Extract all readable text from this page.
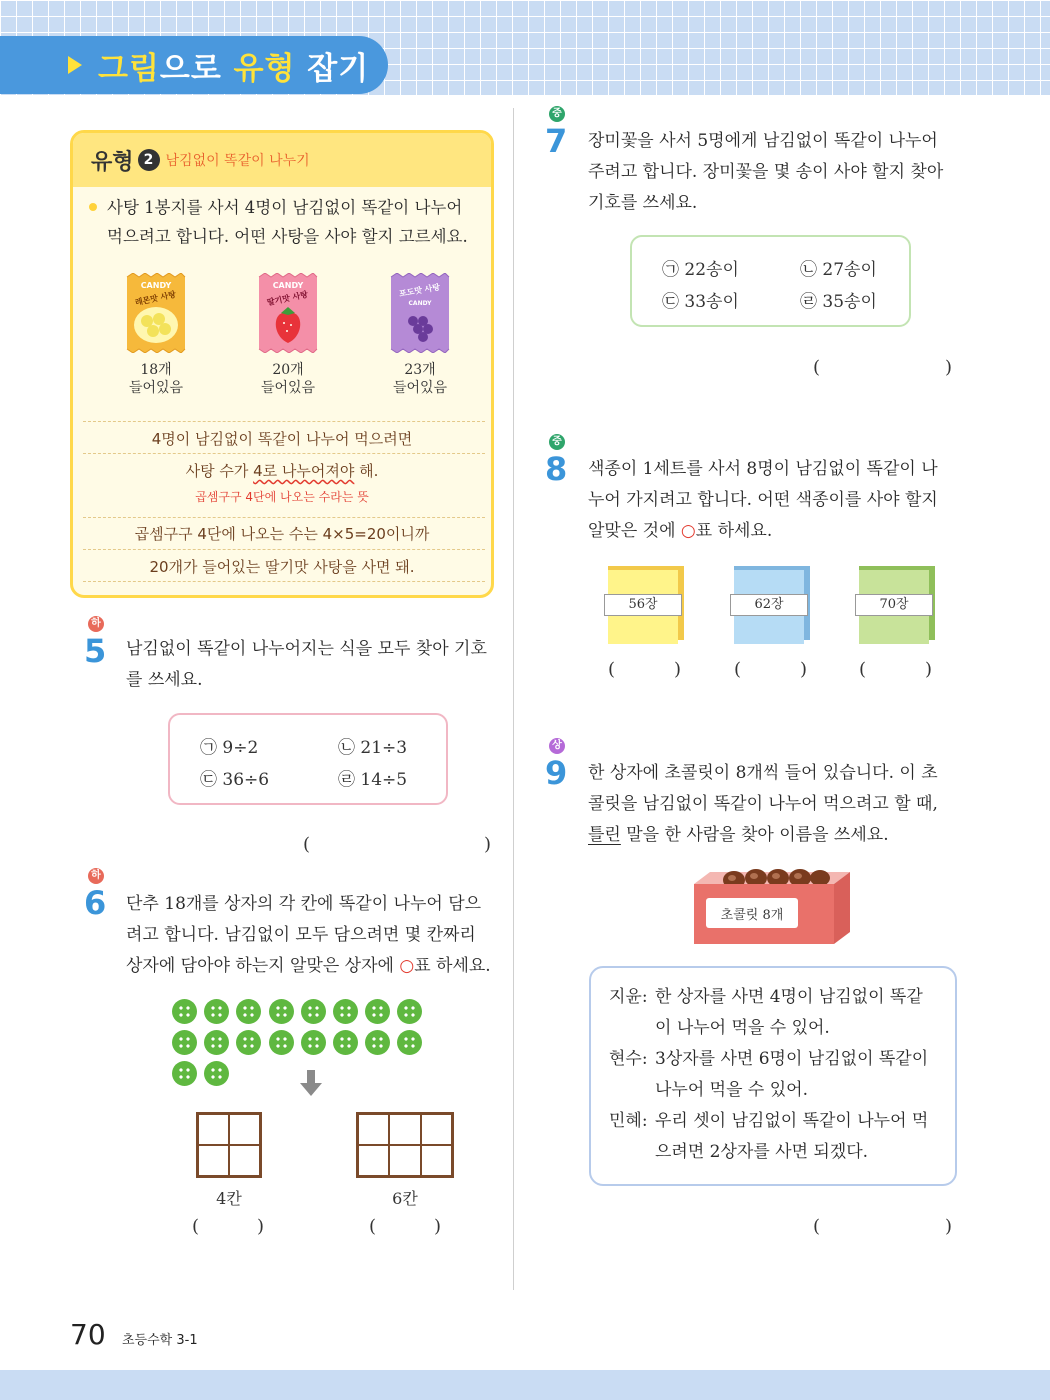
그림으로 유형 잡기
유형 2 남김없이 똑같이 나누기
사탕 1봉지를 사서 4명이 남김없이 똑같이 나누어
먹으려고 합니다. 어떤 사탕을 사야 할지 고르세요.
CANDY
레몬맛 사탕
18개
들어있음
CANDY
딸기맛 사탕
20개
들어있음
포도맛 사탕
CANDY
23개
들어있음
4명이 남김없이 똑같이 나누어 먹으려면
사탕 수가 4로 나누어져야 해.
곱셈구구 4단에 나오는 수라는 뜻
곱셈구구 4단에 나오는 수는 4×5=20이니까
20개가 들어있는 딸기맛 사탕을 사면 돼.
하
5 남김없이 똑같이 나누어지는 식을 모두 찾아 기호
를 쓰세요.
㉠ 9÷2	㉡ 21÷3
㉢ 36÷6	㉣ 14÷5
(	)
하
6 단추 18개를 상자의 각 칸에 똑같이 나누어 담으
려고 합니다. 남김없이 모두 담으려면 몇 칸짜리
상자에 담아야 하는지 알맞은 상자에 ○표 하세요.
4칸	6칸
(	)	(	)
중
7 장미꽃을 사서 5명에게 남김없이 똑같이 나누어
주려고 합니다. 장미꽃을 몇 송이 사야 할지 찾아
기호를 쓰세요.
㉠ 22송이	㉡ 27송이
㉢ 33송이	㉣ 35송이
(	)
중
8 색종이 1세트를 사서 8명이 남김없이 똑같이 나
누어 가지려고 합니다. 어떤 색종이를 사야 할지
알맞은 것에 ○표 하세요.
56장	62장	70장
(	)	(	)	(	)
상
9 한 상자에 초콜릿이 8개씩 들어 있습니다. 이 초
콜릿을 남김없이 똑같이 나누어 먹으려고 할 때,
틀린 말을 한 사람을 찾아 이름을 쓰세요.
초콜릿 8개
지윤: 한 상자를 사면 4명이 남김없이 똑같
이 나누어 먹을 수 있어.
현수: 3상자를 사면 6명이 남김없이 똑같이
나누어 먹을 수 있어.
민혜: 우리 셋이 남김없이 똑같이 나누어 먹
으려면 2상자를 사면 되겠다.
(	)
70 초등수학 3-1
